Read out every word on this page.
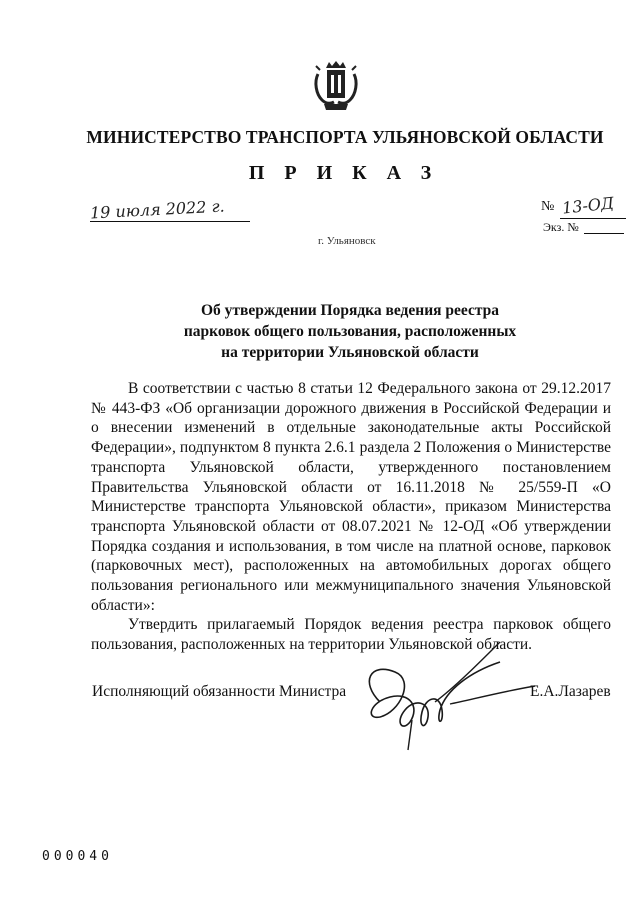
МИНИСТЕРСТВО ТРАНСПОРТА УЛЬЯНОВСКОЙ ОБЛАСТИ
ПРИКАЗ
19 июля 2022 г.	№ 13-ОД
Экз. №
г. Ульяновск
Об утверждении Порядка ведения реестра
парковок общего пользования, расположенных
на территории Ульяновской области

В соответствии с частью 8 статьи 12 Федерального закона от 29.12.2017 № 443-ФЗ «Об организации дорожного движения в Российской Федерации и о внесении изменений в отдельные законодательные акты Российской Федерации», подпунктом 8 пункта 2.6.1 раздела 2 Положения о Министерстве транспорта Ульяновской области, утвержденного постановлением Правительства Ульяновской области от 16.11.2018 № 25/559-П «О Министерстве транспорта Ульяновской области», приказом Министерства транспорта Ульяновской области от 08.07.2021 № 12-ОД «Об утверждении Порядка создания и использования, в том числе на платной основе, парковок (парковочных мест), расположенных на автомобильных дорогах общего пользования регионального или межмуниципального значения Ульяновской области»:

Утвердить прилагаемый Порядок ведения реестра парковок общего пользования, расположенных на территории Ульяновской области.

Исполняющий обязанности Министра	Е.А.Лазарев
000040
